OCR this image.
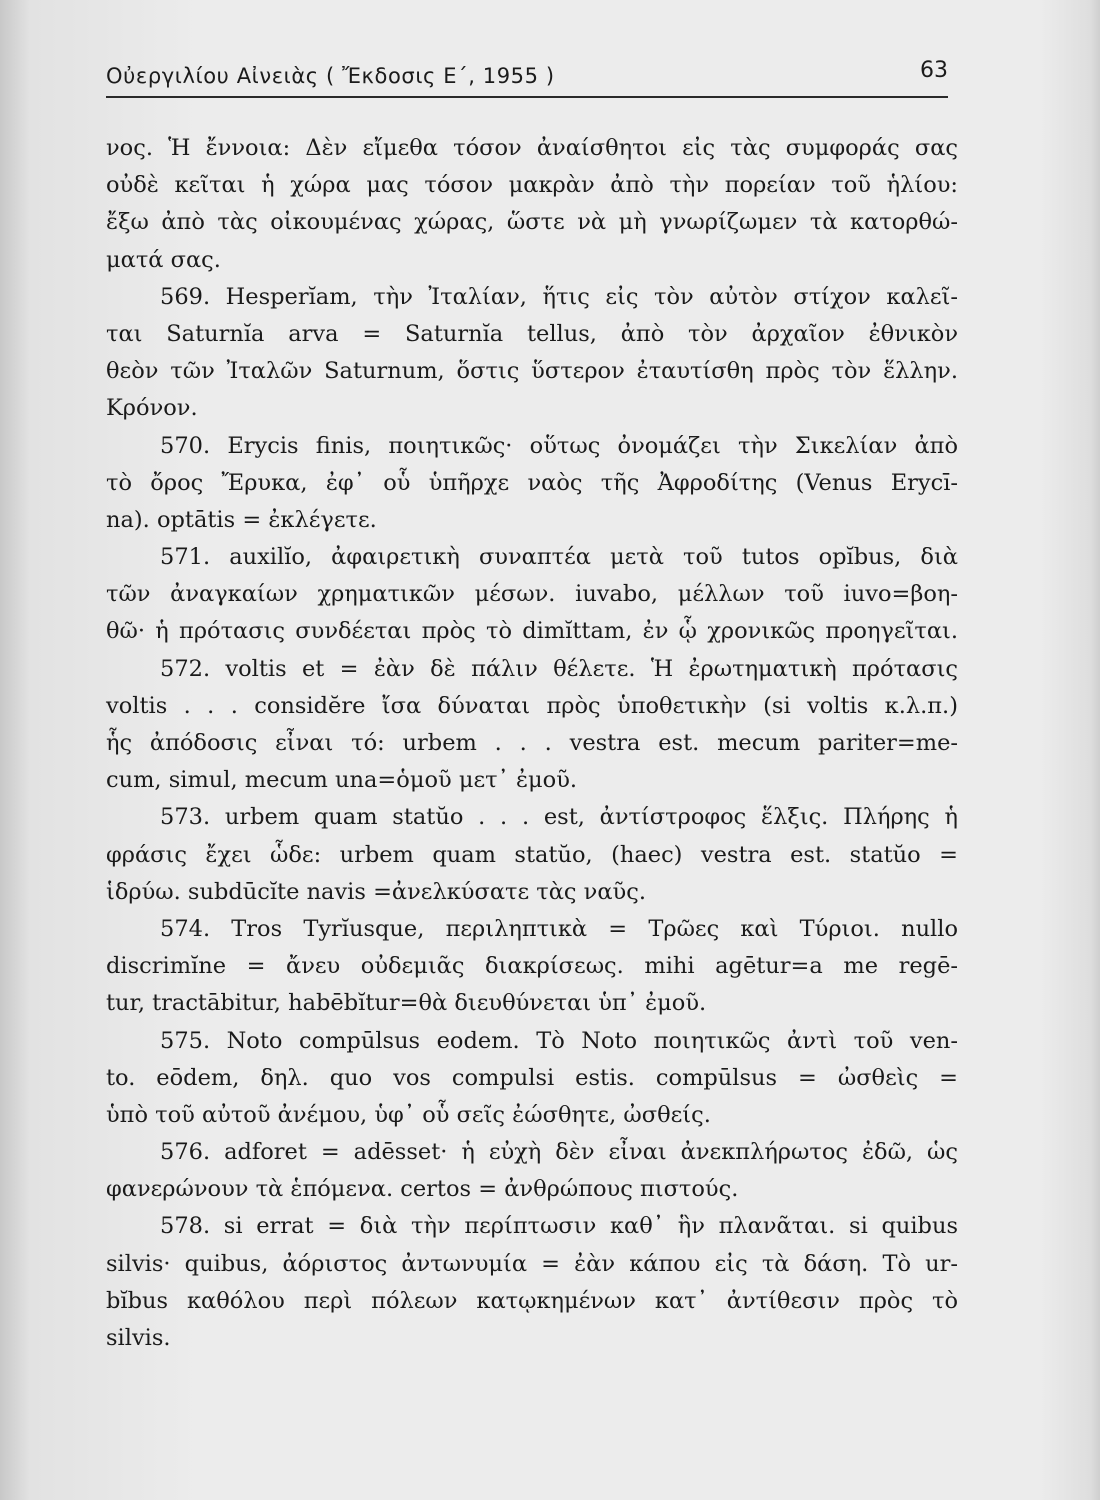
Οὐεργιλίου Αἰνειὰς ( Ἔκδοσις Ε΄, 1955 )	63
νος. Ἡ ἔννοια: Δὲν εἴμεθα τόσον ἀναίσθητοι εἰς τὰς συμφοράς σας
οὐδὲ κεῖται ἡ χώρα μας τόσον μακρὰν ἀπὸ τὴν πορείαν τοῦ ἡλίου:
ἔξω ἀπὸ τὰς οἰκουμένας χώρας, ὥστε νὰ μὴ γνωρίζωμεν τὰ κατορθώ-
ματά σας.
569. Hesperĭam, τὴν Ἰταλίαν, ἥτις εἰς τὸν αὐτὸν στίχον καλεῖ-
ται Saturnĭa arva = Saturnĭa tellus, ἀπὸ τὸν ἀρχαῖον ἐθνικὸν
θεὸν τῶν Ἰταλῶν Saturnum, ὅστις ὕστερον ἐταυτίσθη πρὸς τὸν ἕλλην.
Κρόνον.
570. Erycis finis, ποιητικῶς· οὕτως ὀνομάζει τὴν Σικελίαν ἀπὸ
τὸ ὄρος Ἔρυκα, ἐφ᾿ οὗ ὑπῆρχε ναὸς τῆς Ἀφροδίτης (Venus Erycī-
na). optātis = ἐκλέγετε.
571. auxilĭo, ἀφαιρετικὴ συναπτέα μετὰ τοῦ tutos opĭbus, διὰ
τῶν ἀναγκαίων χρηματικῶν μέσων. iuvabo, μέλλων τοῦ iuvo=βοη-
θῶ· ἡ πρότασις συνδέεται πρὸς τὸ dimĭttam, ἐν ᾧ χρονικῶς προηγεῖται.
572. voltis et = ἐὰν δὲ πάλιν θέλετε. Ἡ ἐρωτηματικὴ πρότασις
voltis . . . considĕre ἴσα δύναται πρὸς ὑποθετικὴν (si voltis κ.λ.π.)
ἧς ἀπόδοσις εἶναι τό: urbem . . . vestra est. mecum pariter=me-
cum, simul, mecum una=ὁμοῦ μετ᾿ ἐμοῦ.
573. urbem quam statŭo . . . est, ἀντίστροφος ἕλξις. Πλήρης ἡ
φράσις ἔχει ὧδε: urbem quam statŭo, (haec) vestra est. statŭo =
ἱδρύω. subdūcĭte navis =ἀνελκύσατε τὰς ναῦς.
574. Tros Tyrĭusque, περιληπτικὰ = Τρῶες καὶ Τύριοι. nullo
discrimĭne = ἄνευ οὐδεμιᾶς διακρίσεως. mihi agētur=a me regē-
tur, tractābitur, habēbĭtur=θὰ διευθύνεται ὑπ᾿ ἐμοῦ.
575. Noto compūlsus eodem. Τὸ Noto ποιητικῶς ἀντὶ τοῦ ven-
to. eōdem, δηλ. quo vos compulsi estis. compūlsus = ὠσθεὶς =
ὑπὸ τοῦ αὐτοῦ ἀνέμου, ὑφ᾿ οὗ σεῖς ἐώσθητε, ὠσθείς.
576. adforet = adēsset· ἡ εὐχὴ δὲν εἶναι ἀνεκπλήρωτος ἐδῶ, ὡς
φανερώνουν τὰ ἑπόμενα. certos = ἀνθρώπους πιστούς.
578. si errat = διὰ τὴν περίπτωσιν καθ᾿ ἣν πλανᾶται. si quibus
silvis· quibus, ἀόριστος ἀντωνυμία = ἐὰν κάπου εἰς τὰ δάση. Τὸ ur-
bĭbus καθόλου περὶ πόλεων κατῳκημένων κατ᾿ ἀντίθεσιν πρὸς τὸ
silvis.
